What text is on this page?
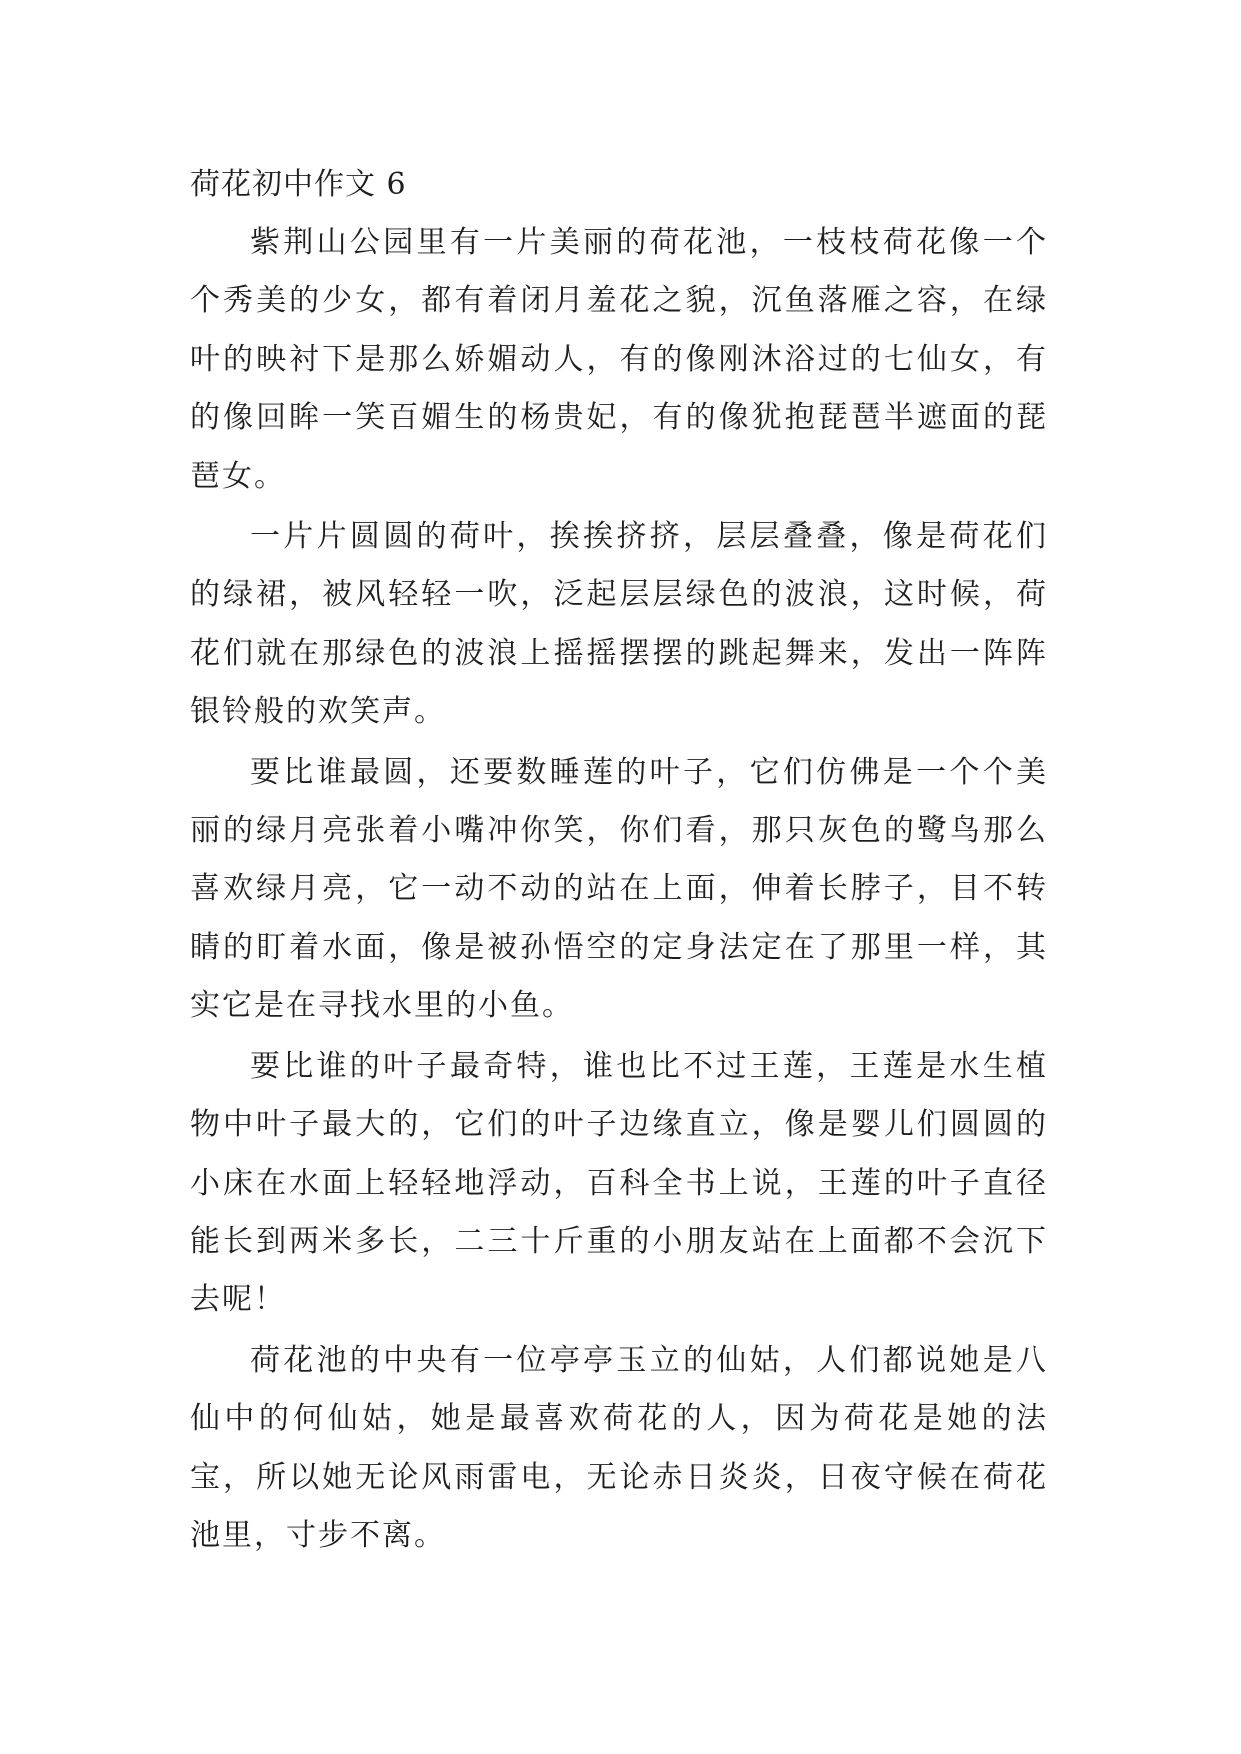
荷花初中作文 6

紫荆山公园里有一片美丽的荷花池，一枝枝荷花像一个个秀美的少女，都有着闭月羞花之貌，沉鱼落雁之容，在绿叶的映衬下是那么娇媚动人，有的像刚沐浴过的七仙女，有的像回眸一笑百媚生的杨贵妃，有的像犹抱琵琶半遮面的琵琶女。

一片片圆圆的荷叶，挨挨挤挤，层层叠叠，像是荷花们的绿裙，被风轻轻一吹，泛起层层绿色的波浪，这时候，荷花们就在那绿色的波浪上摇摇摆摆的跳起舞来，发出一阵阵银铃般的欢笑声。

要比谁最圆，还要数睡莲的叶子，它们仿佛是一个个美丽的绿月亮张着小嘴冲你笑，你们看，那只灰色的鹭鸟那么喜欢绿月亮，它一动不动的站在上面，伸着长脖子，目不转睛的盯着水面，像是被孙悟空的定身法定在了那里一样，其实它是在寻找水里的小鱼。

要比谁的叶子最奇特，谁也比不过王莲，王莲是水生植物中叶子最大的，它们的叶子边缘直立，像是婴儿们圆圆的小床在水面上轻轻地浮动，百科全书上说，王莲的叶子直径能长到两米多长，二三十斤重的小朋友站在上面都不会沉下去呢！

荷花池的中央有一位亭亭玉立的仙姑，人们都说她是八仙中的何仙姑，她是最喜欢荷花的人，因为荷花是她的法宝，所以她无论风雨雷电，无论赤日炎炎，日夜守候在荷花池里，寸步不离。
